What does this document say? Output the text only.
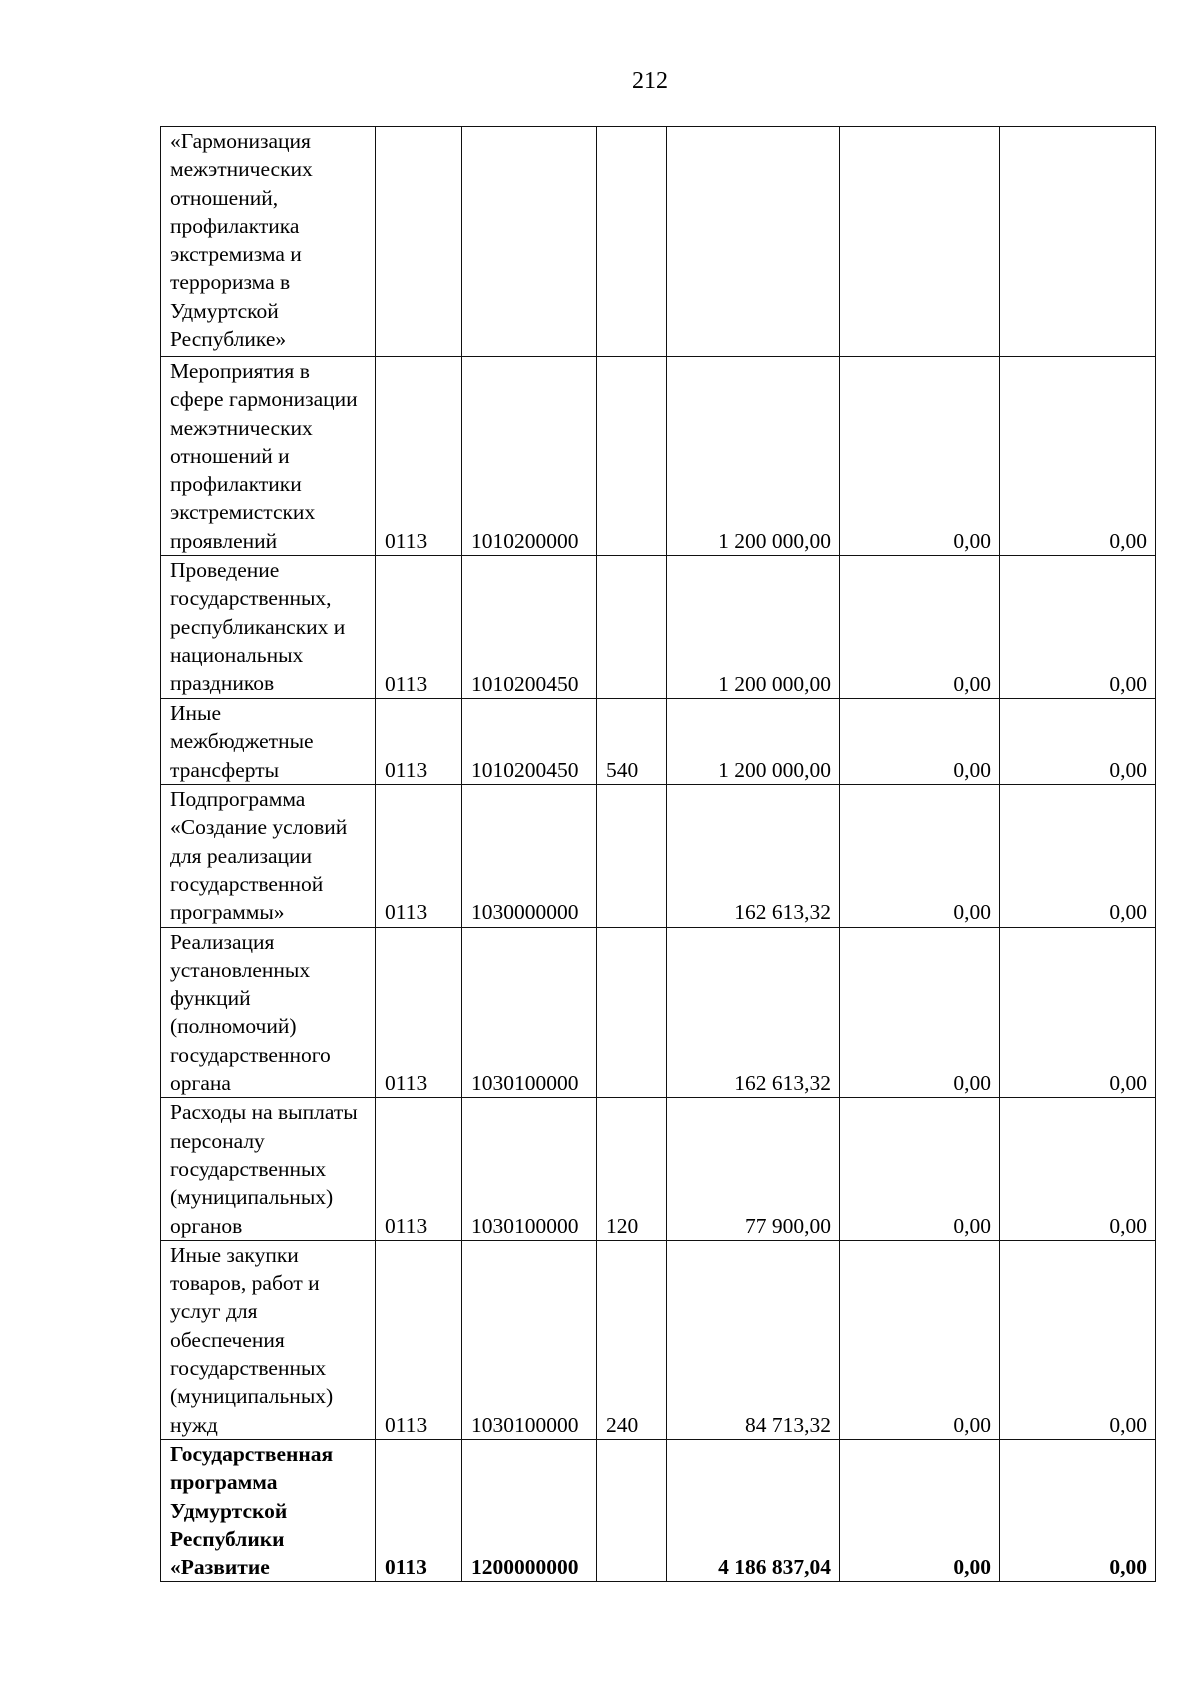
212
«Гармонизация межэтнических отношений, профилактика экстремизма и терроризма в Удмуртской Республике»						
Мероприятия в сфере гармонизации межэтнических отношений и профилактики экстремистских проявлений	0113	1010200000		1 200 000,00	0,00	0,00
Проведение государственных, республиканских и национальных праздников	0113	1010200450		1 200 000,00	0,00	0,00
Иные межбюджетные трансферты	0113	1010200450	540	1 200 000,00	0,00	0,00
Подпрограмма «Создание условий для реализации государственной программы»	0113	1030000000		162 613,32	0,00	0,00
Реализация установленных функций (полномочий) государственного органа	0113	1030100000		162 613,32	0,00	0,00
Расходы на выплаты персоналу государственных (муниципальных) органов	0113	1030100000	120	77 900,00	0,00	0,00
Иные закупки товаров, работ и услуг для обеспечения государственных (муниципальных) нужд	0113	1030100000	240	84 713,32	0,00	0,00
Государственная программа Удмуртской Республики «Развитие	0113	1200000000		4 186 837,04	0,00	0,00
